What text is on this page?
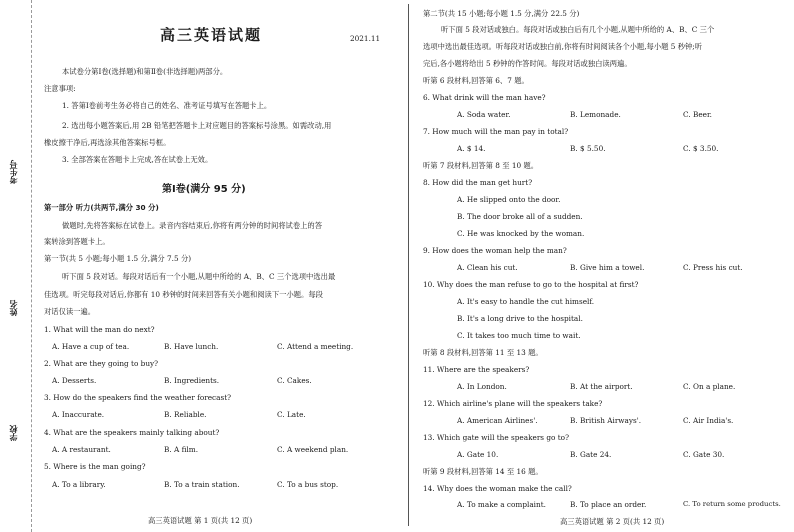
考生号
姓名
学校
高三英语试题	2021.11
本试卷分第Ⅰ卷(选择题)和第Ⅱ卷(非选择题)两部分。
注意事项:
1. 答第Ⅰ卷前考生务必将自己的姓名、准考证号填写在答题卡上。
2. 选出每小题答案后,用 2B 铅笔把答题卡上对应题目的答案标号涂黑。如需改动,用
橡皮擦干净后,再选涂其他答案标号框。
3. 全部答案在答题卡上完成,答在试卷上无效。
第Ⅰ卷(满分 95 分)
第一部分 听力(共两节,满分 30 分)
做题时,先将答案标在试卷上。录音内容结束后,你将有两分钟的时间将试卷上的答
案转涂到答题卡上。
第一节(共 5 小题;每小题 1.5 分,满分 7.5 分)
听下面 5 段对话。每段对话后有一个小题,从题中所给的 A、B、C 三个选项中选出最
佳选项。听完每段对话后,你都有 10 秒钟的时间来回答有关小题和阅读下一小题。每段
对话仅读一遍。
1. What will the man do next?
A. Have a cup of tea.	B. Have lunch.	C. Attend a meeting.
2. What are they going to buy?
A. Desserts.	B. Ingredients.	C. Cakes.
3. How do the speakers find the weather forecast?
A. Inaccurate.	B. Reliable.	C. Late.
4. What are the speakers mainly talking about?
A. A restaurant.	B. A film.	C. A weekend plan.
5. Where is the man going?
A. To a library.	B. To a train station.	C. To a bus stop.
高三英语试题 第 1 页(共 12 页)
第二节(共 15 小题;每小题 1.5 分,满分 22.5 分)
听下面 5 段对话或独白。每段对话或独白后有几个小题,从题中所给的 A、B、C 三个
选项中选出最佳选项。听每段对话或独白前,你将有时间阅读各个小题,每小题 5 秒钟;听
完后,各小题将给出 5 秒钟的作答时间。每段对话或独白读两遍。
听第 6 段材料,回答第 6、7 题。
6. What drink will the man have?
A. Soda water.	B. Lemonade.	C. Beer.
7. How much will the man pay in total?
A. $ 14.	B. $ 5.50.	C. $ 3.50.
听第 7 段材料,回答第 8 至 10 题。
8. How did the man get hurt?
A. He slipped onto the door.
B. The door broke all of a sudden.
C. He was knocked by the woman.
9. How does the woman help the man?
A. Clean his cut.	B. Give him a towel.	C. Press his cut.
10. Why does the man refuse to go to the hospital at first?
A. It's easy to handle the cut himself.
B. It's a long drive to the hospital.
C. It takes too much time to wait.
听第 8 段材料,回答第 11 至 13 题。
11. Where are the speakers?
A. In London.	B. At the airport.	C. On a plane.
12. Which airline's plane will the speakers take?
A. American Airlines'.	B. British Airways'.	C. Air India's.
13. Which gate will the speakers go to?
A. Gate 10.	B. Gate 24.	C. Gate 30.
听第 9 段材料,回答第 14 至 16 题。
14. Why does the woman make the call?
A. To make a complaint.	B. To place an order.	C. To return some products.
高三英语试题 第 2 页(共 12 页)
